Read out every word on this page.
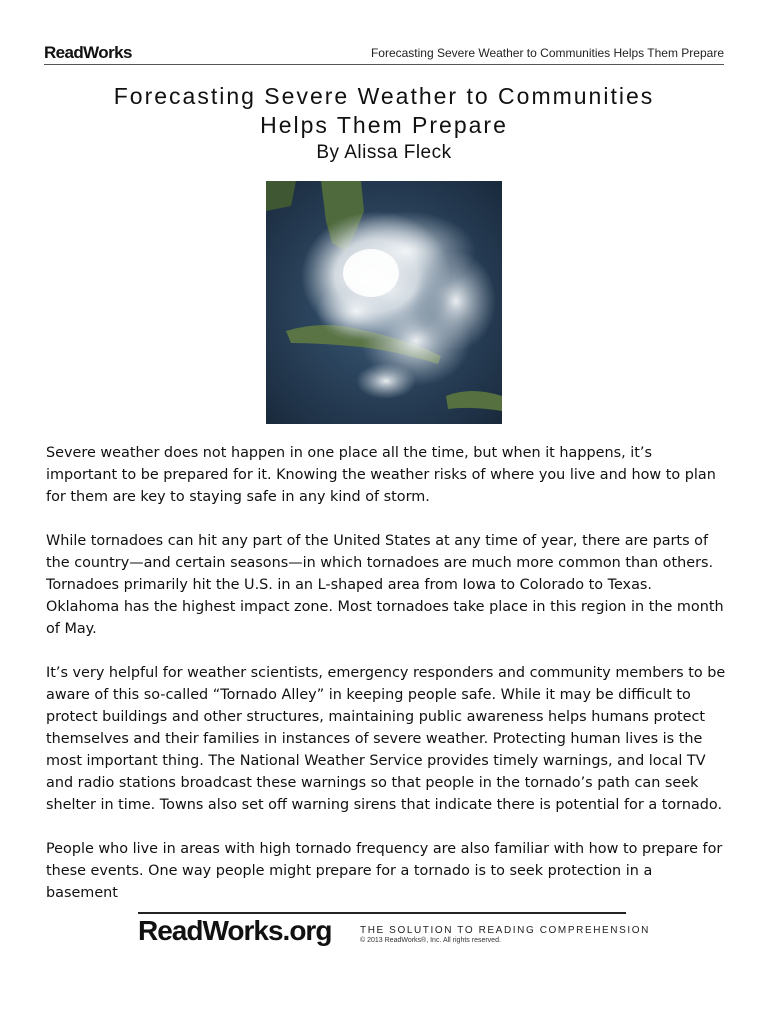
ReadWorks	Forecasting Severe Weather to Communities Helps Them Prepare
Forecasting Severe Weather to Communities
Helps Them Prepare
By Alissa Fleck

Severe weather does not happen in one place all the time, but when it happens, it’s important to be prepared for it. Knowing the weather risks of where you live and how to plan for them are key to staying safe in any kind of storm.

While tornadoes can hit any part of the United States at any time of year, there are parts of the country—and certain seasons—in which tornadoes are much more common than others. Tornadoes primarily hit the U.S. in an L-shaped area from Iowa to Colorado to Texas. Oklahoma has the highest impact zone. Most tornadoes take place in this region in the month of May.

It’s very helpful for weather scientists, emergency responders and community members to be aware of this so-called “Tornado Alley” in keeping people safe. While it may be difficult to protect buildings and other structures, maintaining public awareness helps humans protect themselves and their families in instances of severe weather. Protecting human lives is the most important thing. The National Weather Service provides timely warnings, and local TV and radio stations broadcast these warnings so that people in the tornado’s path can seek shelter in time. Towns also set off warning sirens that indicate there is potential for a tornado.

People who live in areas with high tornado frequency are also familiar with how to prepare for these events. One way people might prepare for a tornado is to seek protection in a basement

ReadWorks.org	THE SOLUTION TO READING COMPREHENSION
© 2013 ReadWorks®, Inc. All rights reserved.
